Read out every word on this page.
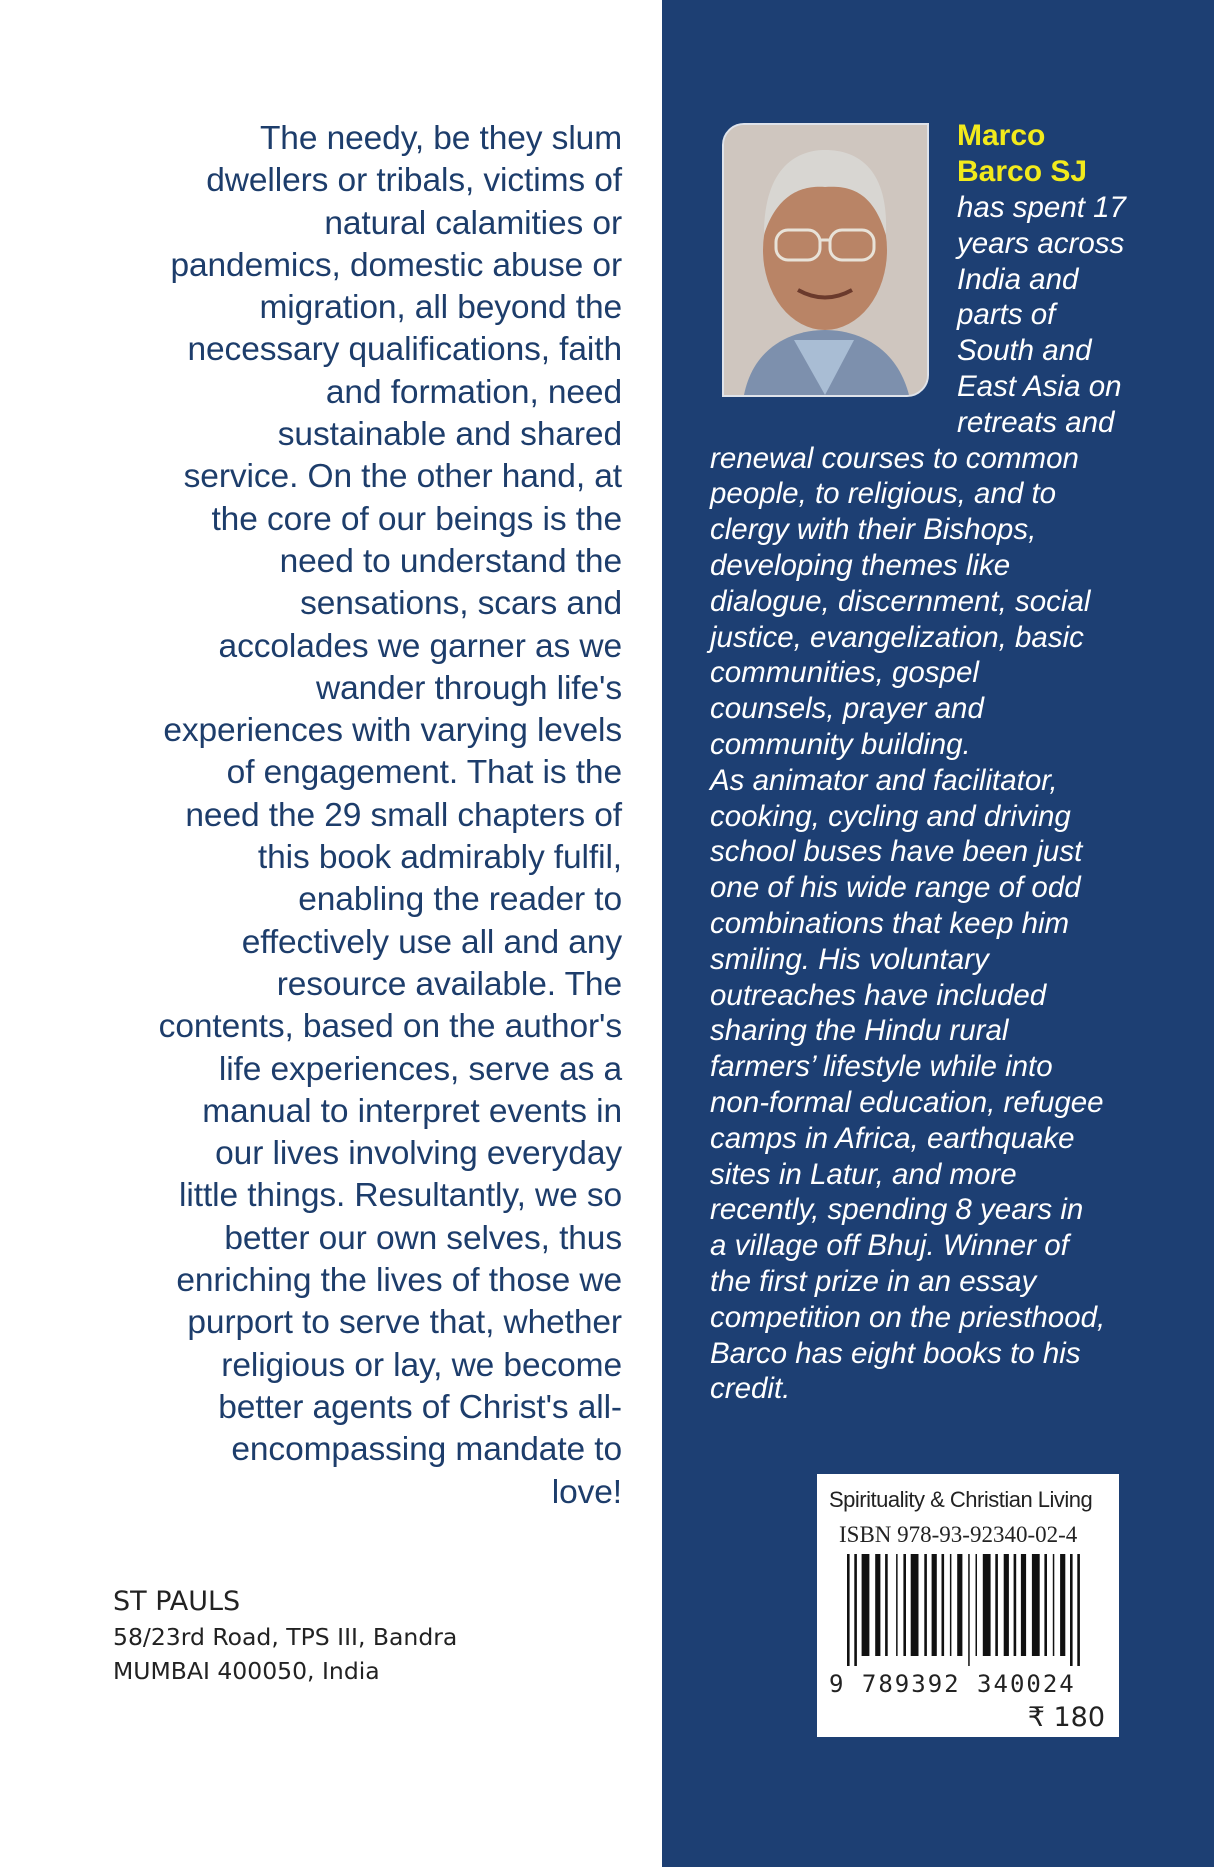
The needy, be they slum
dwellers or tribals, victims of
natural calamities or
pandemics, domestic abuse or
migration, all beyond the
necessary qualifications, faith
and formation, need
sustainable and shared
service. On the other hand, at
the core of our beings is the
need to understand the
sensations, scars and
accolades we garner as we
wander through life's
experiences with varying levels
of engagement. That is the
need the 29 small chapters of
this book admirably fulfil,
enabling the reader to
effectively use all and any
resource available. The
contents, based on the author's
life experiences, serve as a
manual to interpret events in
our lives involving everyday
little things. Resultantly, we so
better our own selves, thus
enriching the lives of those we
purport to serve that, whether
religious or lay, we become
better agents of Christ's all-
encompassing mandate to
love!
ST PAULS
58/23rd Road, TPS III, Bandra
MUMBAI 400050, India
Marco
Barco SJ
has spent 17
years across
India and
parts of
South and
East Asia on
retreats and
renewal courses to common
people, to religious, and to
clergy with their Bishops,
developing themes like
dialogue, discernment, social
justice, evangelization, basic
communities, gospel
counsels, prayer and
community building.
As animator and facilitator,
cooking, cycling and driving
school buses have been just
one of his wide range of odd
combinations that keep him
smiling. His voluntary
outreaches have included
sharing the Hindu rural
farmers’ lifestyle while into
non-formal education, refugee
camps in Africa, earthquake
sites in Latur, and more
recently, spending 8 years in
a village off Bhuj. Winner of
the first prize in an essay
competition on the priesthood,
Barco has eight books to his
credit.
Spirituality & Christian Living
ISBN 978-93-92340-02-4
9 789392 340024
₹ 180
